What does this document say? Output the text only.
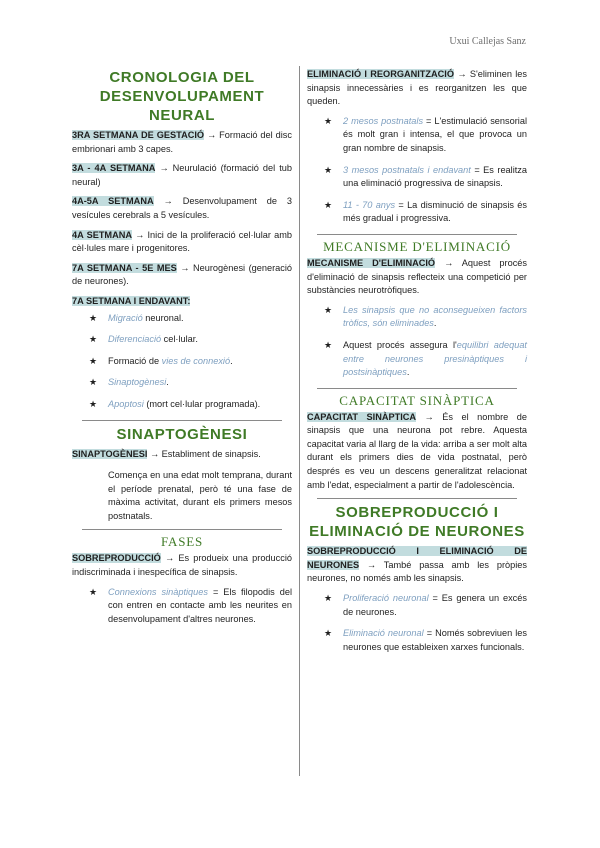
Uxui Callejas Sanz
CRONOLOGIA DEL DESENVOLUPAMENT NEURAL
3RA SETMANA DE GESTACIÓ → Formació del disc embrionari amb 3 capes.
3A - 4A SETMANA → Neurulació (formació del tub neural)
4A-5A SETMANA → Desenvolupament de 3 vesícules cerebrals a 5 vesícules.
4A SETMANA → Inici de la proliferació cel·lular amb cèl·lules mare i progenitores.
7A SETMANA - 5E MES → Neurogènesi (generació de neurones).
7A SETMANA I ENDAVANT:
★ Migració neuronal.
★ Diferenciació cel·lular.
★ Formació de vies de connexió.
★ Sinaptogènesi.
★ Apoptosi (mort cel·lular programada).
SINAPTOGÈNESI
SINAPTOGÈNESI → Establiment de sinapsis.
Comença en una edat molt temprana, durant el període prenatal, però té una fase de màxima activitat, durant els primers mesos postnatals.
FASES
SOBREPRODUCCIÓ → Es produeix una producció indiscriminada i inespecífica de sinapsis.
★ Connexions sinàptiques = Els filopodis del con entren en contacte amb les neurites en desenvolupament d'altres neurones.
ELIMINACIÓ I REORGANITZACIÓ → S'eliminen les sinapsis innecessàries i es reorganitzen les que queden.
★ 2 mesos postnatals = L'estimulació sensorial és molt gran i intensa, el que provoca un gran nombre de sinapsis.
★ 3 mesos postnatals i endavant = Es realitza una eliminació progressiva de sinapsis.
★ 11 - 70 anys = La disminució de sinapsis és més gradual i progressiva.
MECANISME D'ELIMINACIÓ
MECANISME D'ELIMINACIÓ → Aquest procés d'eliminació de sinapsis reflecteix una competició per substàncies neurotròfiques.
★ Les sinapsis que no aconsegueixen factors tròfics, són eliminades.
★ Aquest procés assegura l'equilibri adequat entre neurones presinàptiques i postsinàptiques.
CAPACITAT SINÀPTICA
CAPACITAT SINÀPTICA → És el nombre de sinapsis que una neurona pot rebre. Aquesta capacitat varia al llarg de la vida: arriba a ser molt alta durant els primers dies de vida postnatal, però després es veu un descens generalitzat relacionat amb l'edat, especialment a partir de l'adolescència.
SOBREPRODUCCIÓ I ELIMINACIÓ DE NEURONES
SOBREPRODUCCIÓ I ELIMINACIÓ DE NEURONES → També passa amb les pròpies neurones, no només amb les sinapsis.
★ Proliferació neuronal = Es genera un excés de neurones.
★ Eliminació neuronal = Només sobreviuen les neurones que estableixen xarxes funcionals.
